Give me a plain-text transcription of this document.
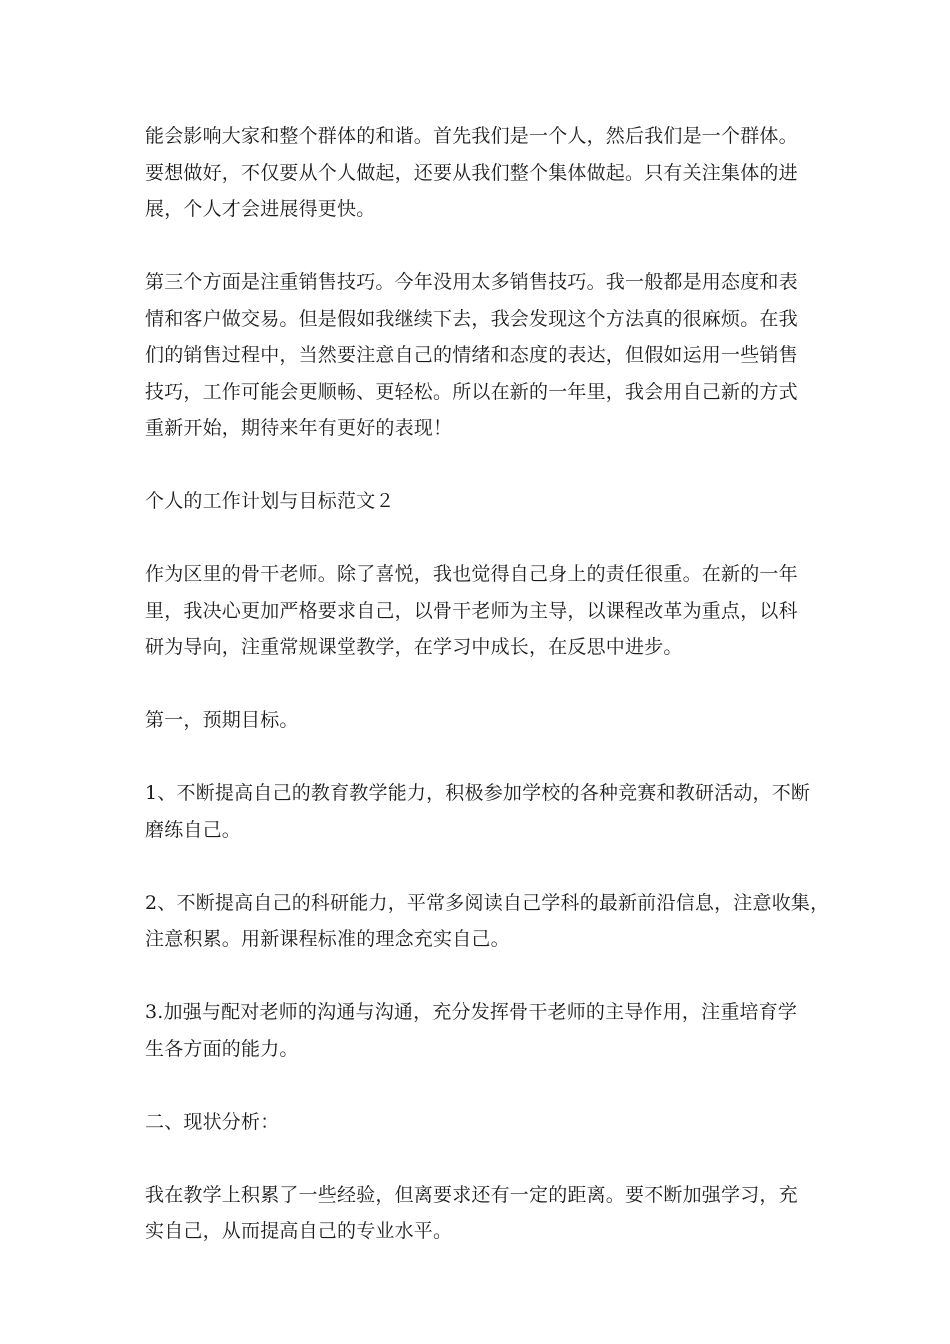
能会影响大家和整个群体的和谐。首先我们是一个人，然后我们是一个群体。
要想做好，不仅要从个人做起，还要从我们整个集体做起。只有关注集体的进
展，个人才会进展得更快。
第三个方面是注重销售技巧。今年没用太多销售技巧。我一般都是用态度和表
情和客户做交易。但是假如我继续下去，我会发现这个方法真的很麻烦。在我
们的销售过程中，当然要注意自己的情绪和态度的表达，但假如运用一些销售
技巧，工作可能会更顺畅、更轻松。所以在新的一年里，我会用自己新的方式
重新开始，期待来年有更好的表现！
个人的工作计划与目标范文２
作为区里的骨干老师。除了喜悦，我也觉得自己身上的责任很重。在新的一年
里，我决心更加严格要求自己，以骨干老师为主导，以课程改革为重点，以科
研为导向，注重常规课堂教学，在学习中成长，在反思中进步。
第一，预期目标。
1、不断提高自己的教育教学能力，积极参加学校的各种竞赛和教研活动，不断
磨练自己。
2、不断提高自己的科研能力，平常多阅读自己学科的最新前沿信息，注意收集，
注意积累。用新课程标准的理念充实自己。
3.加强与配对老师的沟通与沟通，充分发挥骨干老师的主导作用，注重培育学
生各方面的能力。
二、现状分析：
我在教学上积累了一些经验，但离要求还有一定的距离。要不断加强学习，充
实自己，从而提高自己的专业水平。
